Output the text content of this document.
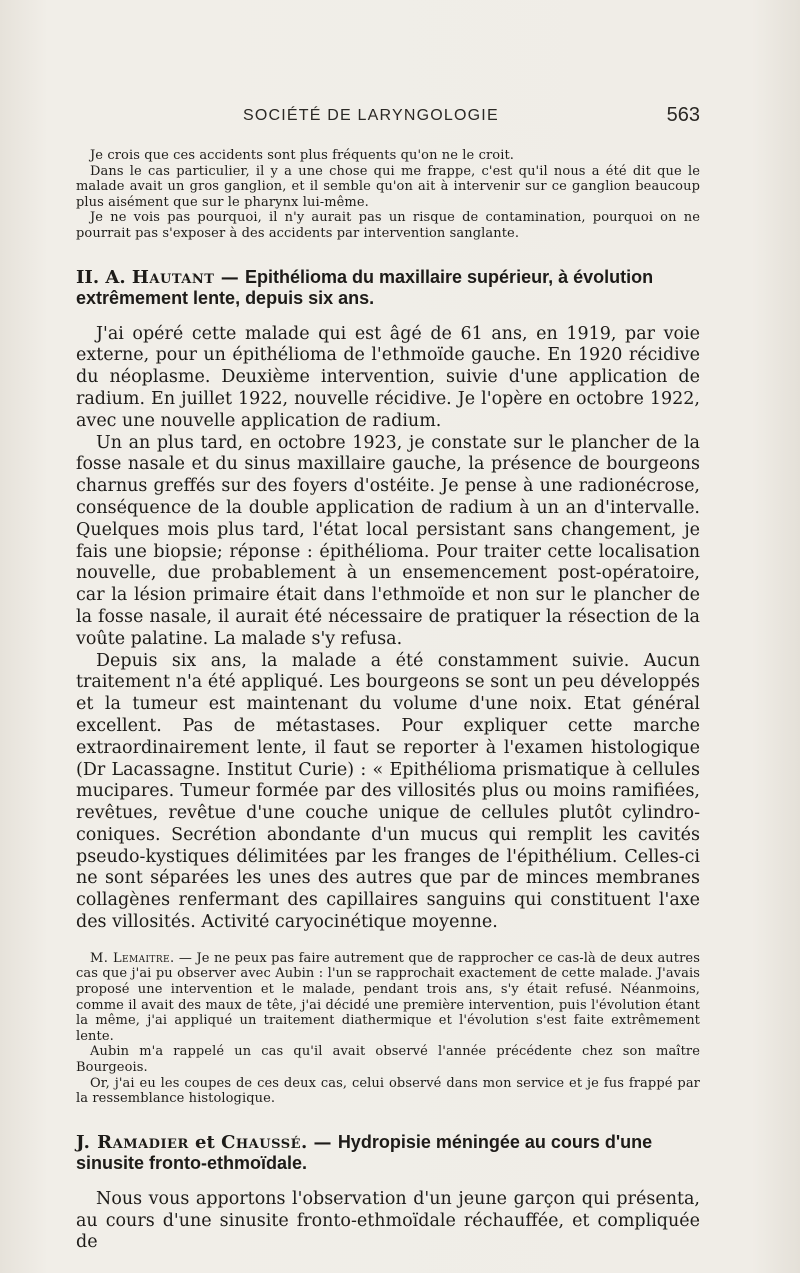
SOCIÉTÉ DE LARYNGOLOGIE	563

Je crois que ces accidents sont plus fréquents qu'on ne le croit.

Dans le cas particulier, il y a une chose qui me frappe, c'est qu'il nous a été dit que le malade avait un gros ganglion, et il semble qu'on ait à intervenir sur ce ganglion beaucoup plus aisément que sur le pharynx lui-même.

Je ne vois pas pourquoi, il n'y aurait pas un risque de contamination, pourquoi on ne pourrait pas s'exposer à des accidents par intervention sanglante.

II. A. Hautant — Epithélioma du maxillaire supérieur, à évolution extrêmement lente, depuis six ans.

J'ai opéré cette malade qui est âgé de 61 ans, en 1919, par voie externe, pour un épithélioma de l'ethmoïde gauche. En 1920 récidive du néoplasme. Deuxième intervention, suivie d'une application de radium. En juillet 1922, nouvelle récidive. Je l'opère en octobre 1922, avec une nouvelle application de radium.

Un an plus tard, en octobre 1923, je constate sur le plancher de la fosse nasale et du sinus maxillaire gauche, la présence de bourgeons charnus greffés sur des foyers d'ostéite. Je pense à une radionécrose, conséquence de la double application de radium à un an d'intervalle. Quelques mois plus tard, l'état local persistant sans changement, je fais une biopsie; réponse : épithélioma. Pour traiter cette localisation nouvelle, due probablement à un ensemencement post-opératoire, car la lésion primaire était dans l'ethmoïde et non sur le plancher de la fosse nasale, il aurait été nécessaire de pratiquer la résection de la voûte palatine. La malade s'y refusa.

Depuis six ans, la malade a été constamment suivie. Aucun traitement n'a été appliqué. Les bourgeons se sont un peu développés et la tumeur est maintenant du volume d'une noix. Etat général excellent. Pas de métastases. Pour expliquer cette marche extraordinairement lente, il faut se reporter à l'examen histologique (Dr Lacassagne. Institut Curie) : « Epithélioma prismatique à cellules mucipares. Tumeur formée par des villosités plus ou moins ramifiées, revêtues, revêtue d'une couche unique de cellules plutôt cylindro-coniques. Secrétion abondante d'un mucus qui remplit les cavités pseudo-kystiques délimitées par les franges de l'épithélium. Celles-ci ne sont séparées les unes des autres que par de minces membranes collagènes renfermant des capillaires sanguins qui constituent l'axe des villosités. Activité caryocinétique moyenne.

M. Lemaitre. — Je ne peux pas faire autrement que de rapprocher ce cas-là de deux autres cas que j'ai pu observer avec Aubin : l'un se rapprochait exactement de cette malade. J'avais proposé une intervention et le malade, pendant trois ans, s'y était refusé. Néanmoins, comme il avait des maux de tête, j'ai décidé une première intervention, puis l'évolution étant la même, j'ai appliqué un traitement diathermique et l'évolution s'est faite extrêmement lente.

Aubin m'a rappelé un cas qu'il avait observé l'année précédente chez son maître Bourgeois.

Or, j'ai eu les coupes de ces deux cas, celui observé dans mon service et je fus frappé par la ressemblance histologique.

J. Ramadier et Chaussé. — Hydropisie méningée au cours d'une sinusite fronto-ethmoïdale.

Nous vous apportons l'observation d'un jeune garçon qui présenta, au cours d'une sinusite fronto-ethmoïdale réchauffée, et compliquée de
